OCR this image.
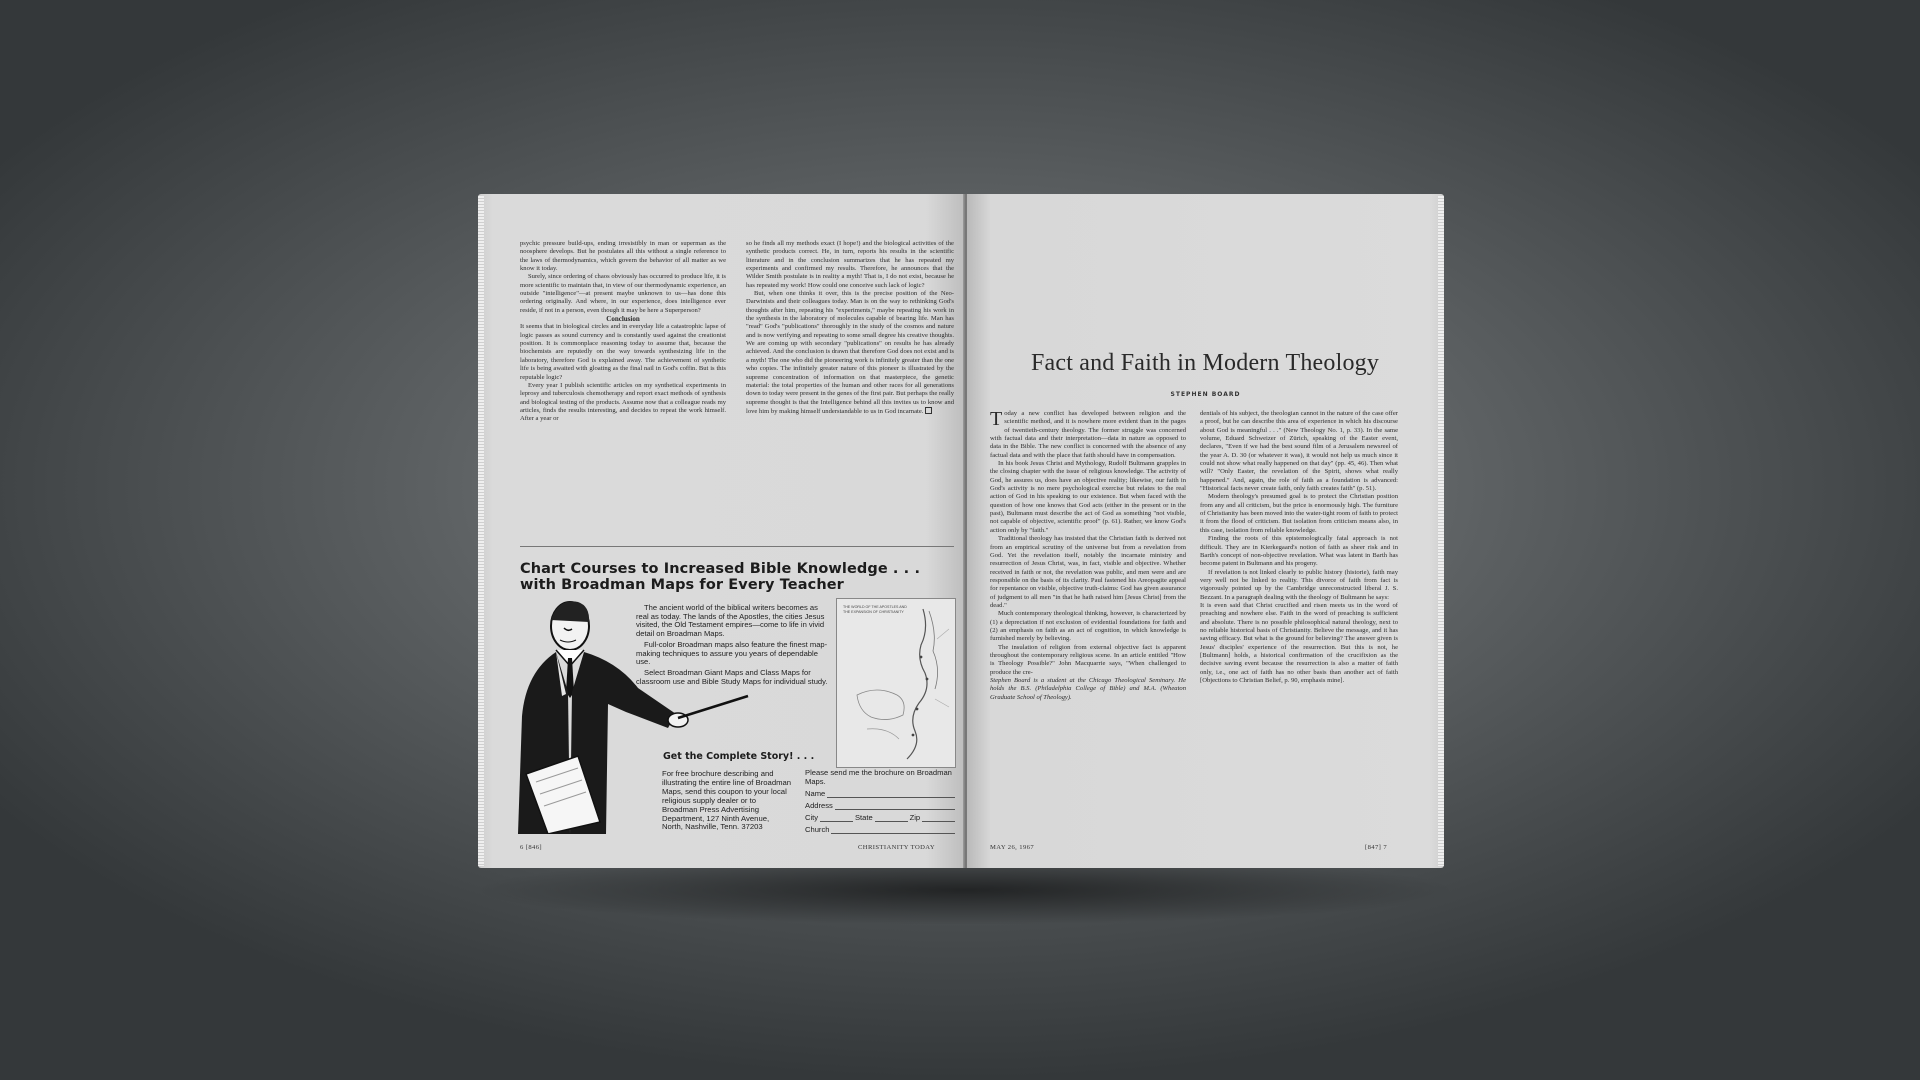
psychic pressure build-ups, ending irresistibly in man or superman as the noosphere develops. But he postulates all this without a single reference to the laws of thermodynamics, which govern the behavior of all matter as we know it today.

Surely, since ordering of chaos obviously has occurred to produce life, it is more scientific to maintain that, in view of our thermodynamic experience, an outside "intelligence"—at present maybe unknown to us—has done this ordering originally. And where, in our experience, does intelligence ever reside, if not in a person, even though it may be here a Superperson?

Conclusion

It seems that in biological circles and in everyday life a catastrophic lapse of logic passes as sound currency and is constantly used against the creationist position. It is commonplace reasoning today to assume that, because the biochemists are reputedly on the way towards synthesizing life in the laboratory, therefore God is explained away. The achievement of synthetic life is being awaited with gloating as the final nail in God's coffin. But is this reputable logic?

Every year I publish scientific articles on my synthetical experiments in leprosy and tuberculosis chemotherapy and report exact methods of synthesis and biological testing of the products. Assume now that a colleague reads my articles, finds the results interesting, and decides to repeat the work himself. After a year or

so he finds all my methods exact (I hope!) and the biological activities of the synthetic products correct. He, in turn, reports his results in the scientific literature and in the conclusion summarizes that he has repeated my experiments and confirmed my results. Therefore, he announces that the Wilder Smith postulate is in reality a myth! That is, I do not exist, because he has repeated my work! How could one conceive such lack of logic?

But, when one thinks it over, this is the precise position of the Neo-Darwinists and their colleagues today. Man is on the way to rethinking God's thoughts after him, repeating his "experiments," maybe repeating his work in the synthesis in the laboratory of molecules capable of bearing life. Man has "read" God's "publications" thoroughly in the study of the cosmos and nature and is now verifying and repeating to some small degree his creative thoughts. We are coming up with secondary "publications" on results he has already achieved. And the conclusion is drawn that therefore God does not exist and is a myth! The one who did the pioneering work is infinitely greater than the one who copies. The infinitely greater nature of this pioneer is illustrated by the supreme concentration of information on that masterpiece, the genetic material: the total properties of the human and other races for all generations down to today were present in the genes of the first pair. But perhaps the really supreme thought is that the Intelligence behind all this invites us to know and love him by making himself understandable to us in God incarnate.

Chart Courses to Increased Bible Knowledge . . .
with Broadman Maps for Every Teacher

The ancient world of the biblical writers becomes as real as today. The lands of the Apostles, the cities Jesus visited, the Old Testament empires—come to life in vivid detail on Broadman Maps.

Full-color Broadman maps also feature the finest map-making techniques to assure you years of dependable use.

Select Broadman Giant Maps and Class Maps for classroom use and Bible Study Maps for individual study.

THE WORLD OF THE APOSTLES AND THE EXPANSION OF CHRISTIANITY
Get the Complete Story! . . .
For free brochure describing and illustrating the entire line of Broadman Maps, send this coupon to your local religious supply dealer or to Broadman Press Advertising Department, 127 Ninth Avenue, North, Nashville, Tenn. 37203
Please send me the brochure on Broadman Maps.
Name
Address
City	State	Zip
Church
6 [846]	CHRISTIANITY TODAY
Fact and Faith in Modern Theology
STEPHEN BOARD

Today a new conflict has developed between religion and the scientific method, and it is nowhere more evident than in the pages of twentieth-century theology. The former struggle was concerned with factual data and their interpretation—data in nature as opposed to data in the Bible. The new conflict is concerned with the absence of any factual data and with the place that faith should have in compensation.

In his book Jesus Christ and Mythology, Rudolf Bultmann grapples in the closing chapter with the issue of religious knowledge. The activity of God, he assures us, does have an objective reality; likewise, our faith in God's activity is no mere psychological exercise but relates to the real action of God in his speaking to our existence. But when faced with the question of how one knows that God acts (either in the present or in the past), Bultmann must describe the act of God as something "not visible, not capable of objective, scientific proof" (p. 61). Rather, we know God's action only by "faith."

Traditional theology has insisted that the Christian faith is derived not from an empirical scrutiny of the universe but from a revelation from God. Yet the revelation itself, notably the incarnate ministry and resurrection of Jesus Christ, was, in fact, visible and objective. Whether received in faith or not, the revelation was public, and men were and are responsible on the basis of its clarity. Paul fastened his Areopagite appeal for repentance on visible, objective truth-claims: God has given assurance of judgment to all men "in that he hath raised him [Jesus Christ] from the dead."

Much contemporary theological thinking, however, is characterized by (1) a depreciation if not exclusion of evidential foundations for faith and (2) an emphasis on faith as an act of cognition, in which knowledge is furnished merely by believing.

The insulation of religion from external objective fact is apparent throughout the contemporary religious scene. In an article entitled "How is Theology Possible?" John Macquarrie says, "When challenged to produce the cre-

Stephen Board is a student at the Chicago Theological Seminary. He holds the B.S. (Philadelphia College of Bible) and M.A. (Wheaton Graduate School of Theology).

dentials of his subject, the theologian cannot in the nature of the case offer a proof, but he can describe this area of experience in which his discourse about God is meaningful . . ." (New Theology No. 1, p. 33). In the same volume, Eduard Schweizer of Zürich, speaking of the Easter event, declares, "Even if we had the best sound film of a Jerusalem newsreel of the year A. D. 30 (or whatever it was), it would not help us much since it could not show what really happened on that day" (pp. 45, 46). Then what will? "Only Easter, the revelation of the Spirit, shows what really happened." And, again, the role of faith as a foundation is advanced: "Historical facts never create faith, only faith creates faith" (p. 51).

Modern theology's presumed goal is to protect the Christian position from any and all criticism, but the price is enormously high. The furniture of Christianity has been moved into the water-tight room of faith to protect it from the flood of criticism. But isolation from criticism means also, in this case, isolation from reliable knowledge.

Finding the roots of this epistemologically fatal approach is not difficult. They are in Kierkegaard's notion of faith as sheer risk and in Barth's concept of non-objective revelation. What was latent in Barth has become patent in Bultmann and his progeny.

If revelation is not linked clearly to public history (historie), faith may very well not be linked to reality. This divorce of faith from fact is vigorously pointed up by the Cambridge unreconstructed liberal J. S. Bezzant. In a paragraph dealing with the theology of Bultmann he says:

It is even said that Christ crucified and risen meets us in the word of preaching and nowhere else. Faith in the word of preaching is sufficient and absolute. There is no possible philosophical natural theology, next to no reliable historical basis of Christianity. Believe the message, and it has saving efficacy. But what is the ground for believing? The answer given is Jesus' disciples' experience of the resurrection. But this is not, he [Bultmann] holds, a historical confirmation of the crucifixion as the decisive saving event because the resurrection is also a matter of faith only, i.e., one act of faith has no other basis than another act of faith [Objections to Christian Belief, p. 90, emphasis mine].

MAY 26, 1967	[847] 7
